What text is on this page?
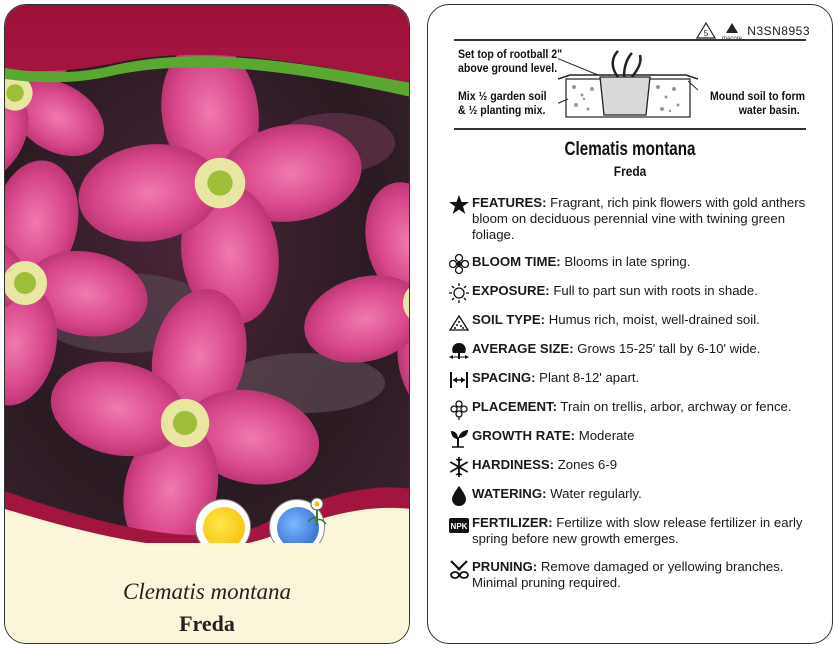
Clematis montana
Freda
5	N3SN8953
Set top of rootball 2"
above ground level.
Mix ½ garden soil
& ½ planting mix.
Mound soil to form
water basin.
Clematis montana
Freda
FEATURES: Fragrant, rich pink flowers with gold anthers bloom on deciduous perennial vine with twining green foliage.
BLOOM TIME: Blooms in late spring.
EXPOSURE: Full to part sun with roots in shade.
SOIL TYPE: Humus rich, moist, well-drained soil.
AVERAGE SIZE: Grows 15-25' tall by 6-10' wide.
SPACING: Plant 8-12' apart.
PLACEMENT: Train on trellis, arbor, archway or fence.
GROWTH RATE: Moderate
HARDINESS: Zones 6-9
WATERING: Water regularly.
NPK FERTILIZER: Fertilize with slow release fertilizer in early spring before new growth emerges.
PRUNING: Remove damaged or yellowing branches. Minimal pruning required.
